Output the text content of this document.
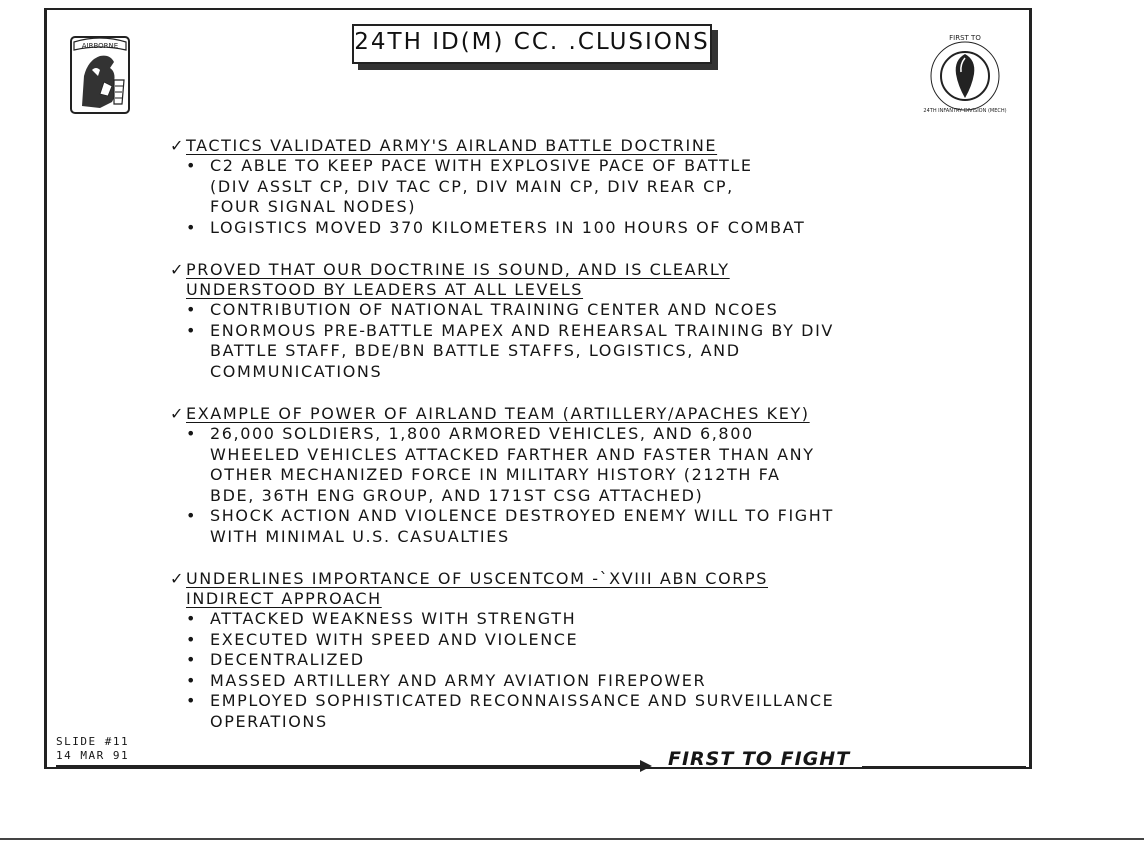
24TH ID(M) CC. .CLUSIONS
AIRBORNE
FIRST TO
24TH INFANTRY DIVISION (MECH)
✓ TACTICS VALIDATED ARMY'S AIRLAND BATTLE DOCTRINE
• C2 ABLE TO KEEP PACE WITH EXPLOSIVE PACE OF BATTLE
(DIV ASSLT CP, DIV TAC CP, DIV MAIN CP, DIV REAR CP,
FOUR SIGNAL NODES)
• LOGISTICS MOVED 370 KILOMETERS IN 100 HOURS OF COMBAT
✓ PROVED THAT OUR DOCTRINE IS SOUND, AND IS CLEARLY
UNDERSTOOD BY LEADERS AT ALL LEVELS
• CONTRIBUTION OF NATIONAL TRAINING CENTER AND NCOES
• ENORMOUS PRE-BATTLE MAPEX AND REHEARSAL TRAINING BY DIV
BATTLE STAFF, BDE/BN BATTLE STAFFS, LOGISTICS, AND
COMMUNICATIONS
✓ EXAMPLE OF POWER OF AIRLAND TEAM (ARTILLERY/APACHES KEY)
• 26,000 SOLDIERS, 1,800 ARMORED VEHICLES, AND 6,800
WHEELED VEHICLES ATTACKED FARTHER AND FASTER THAN ANY
OTHER MECHANIZED FORCE IN MILITARY HISTORY (212TH FA
BDE, 36TH ENG GROUP, AND 171ST CSG ATTACHED)
• SHOCK ACTION AND VIOLENCE DESTROYED ENEMY WILL TO FIGHT
WITH MINIMAL U.S. CASUALTIES
✓ UNDERLINES IMPORTANCE OF USCENTCOM -`XVIII ABN CORPS
INDIRECT APPROACH
• ATTACKED WEAKNESS WITH STRENGTH
• EXECUTED WITH SPEED AND VIOLENCE
• DECENTRALIZED
• MASSED ARTILLERY AND ARMY AVIATION FIREPOWER
• EMPLOYED SOPHISTICATED RECONNAISSANCE AND SURVEILLANCE
OPERATIONS
SLIDE #11
14 MAR 91	FIRST TO FIGHT
